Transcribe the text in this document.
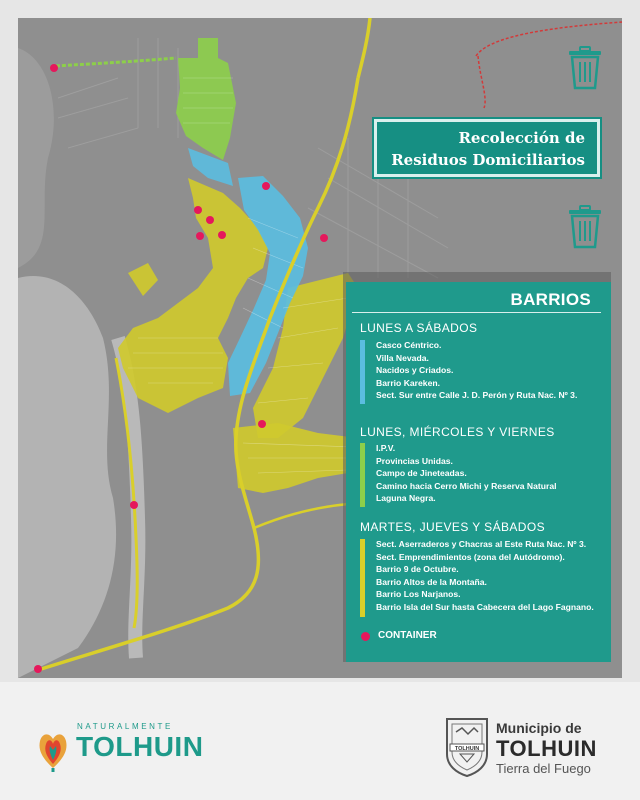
Recolección de
Residuos Domiciliarios
BARRIOS
LUNES A SÁBADOS
Casco Céntrico.
Villa Nevada.
Nacidos y Criados.
Barrio Kareken.
Sect. Sur entre Calle J. D. Perón y Ruta Nac. Nº 3.
LUNES, MIÉRCOLES Y VIERNES
I.P.V.
Provincias Unidas.
Campo de Jineteadas.
Camino hacia Cerro Michi y Reserva Natural
Laguna Negra.
MARTES, JUEVES Y SÁBADOS
Sect. Aserraderos y Chacras al Este Ruta Nac. Nº 3.
Sect. Emprendimientos (zona del Autódromo).
Barrio 9 de Octubre.
Barrio Altos de la Montaña.
Barrio Los Narjanos.
Barrio Isla del Sur hasta Cabecera del Lago Fagnano.
CONTAINER
NATURALMENTE
TOLHUIN	TOLHUIN
Municipio de
TOLHUIN
Tierra del Fuego
